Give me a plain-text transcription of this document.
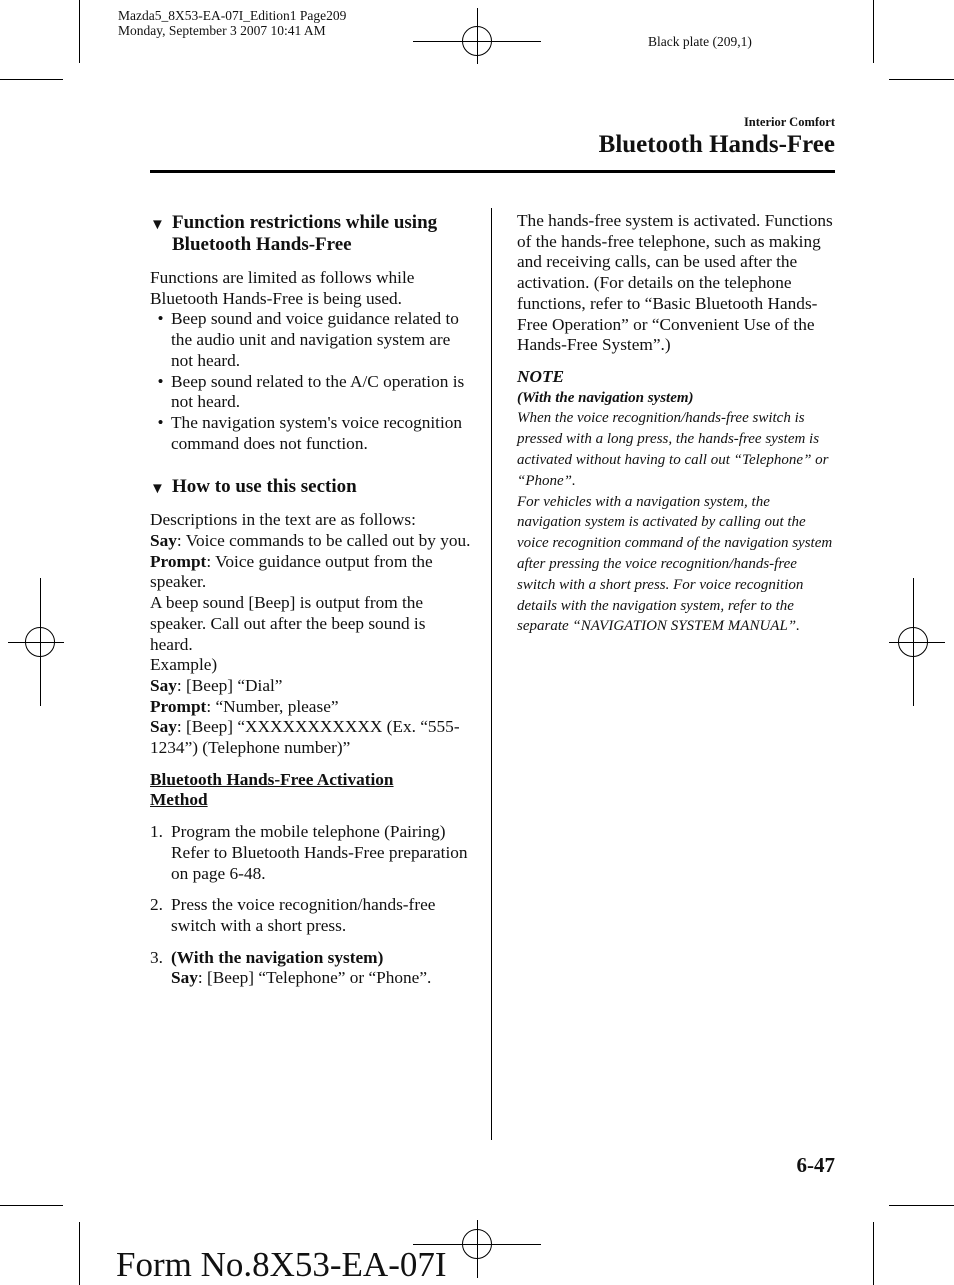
Mazda5_8X53-EA-07I_Edition1 Page209
Monday, September 3 2007 10:41 AM
Black plate (209,1)
Interior Comfort
Bluetooth Hands-Free
▼ Function restrictions while using Bluetooth Hands-Free

Functions are limited as follows while Bluetooth Hands-Free is being used.

• Beep sound and voice guidance related to the audio unit and navigation system are not heard.
• Beep sound related to the A/C operation is not heard.
• The navigation system's voice recognition command does not function.
▼ How to use this section

Descriptions in the text are as follows:

Say: Voice commands to be called out by you.

Prompt: Voice guidance output from the speaker.

A beep sound [Beep] is output from the speaker. Call out after the beep sound is heard.

Example)

Say: [Beep] “Dial”

Prompt: “Number, please”

Say: [Beep] “XXXXXXXXXXX (Ex. “555-1234”) (Telephone number)”

Bluetooth Hands-Free Activation Method

1. Program the mobile telephone (Pairing) Refer to Bluetooth Hands-Free preparation on page 6-48.
2. Press the voice recognition/hands-free switch with a short press.
3. (With the navigation system)
Say: [Beep] “Telephone” or “Phone”.

The hands-free system is activated. Functions of the hands-free telephone, such as making and receiving calls, can be used after the activation. (For details on the telephone functions, refer to “Basic Bluetooth Hands-Free Operation” or “Convenient Use of the Hands-Free System”.)

NOTE

(With the navigation system)

When the voice recognition/hands-free switch is pressed with a long press, the hands-free system is activated without having to call out “Telephone” or “Phone”.

For vehicles with a navigation system, the navigation system is activated by calling out the voice recognition command of the navigation system after pressing the voice recognition/hands-free switch with a short press. For voice recognition details with the navigation system, refer to the separate “NAVIGATION SYSTEM MANUAL”.

6-47
Form No.8X53-EA-07I
